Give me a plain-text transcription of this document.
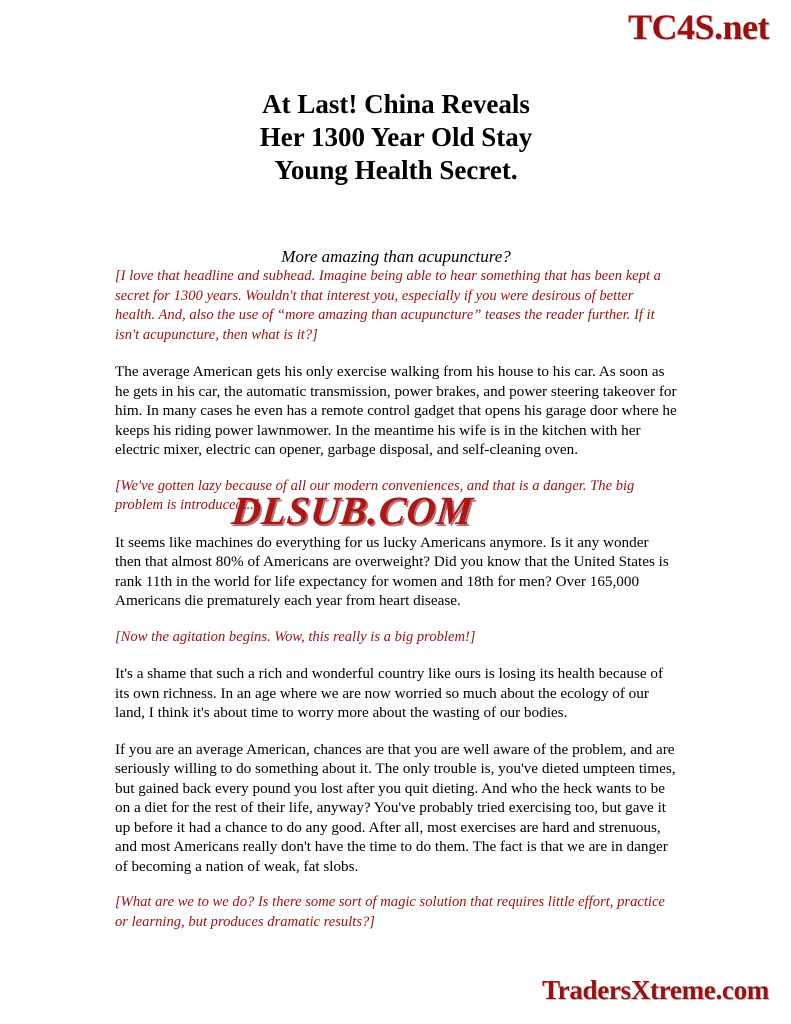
TC4S.net
At Last! China Reveals
Her 1300 Year Old Stay
Young Health Secret.

More amazing than acupuncture?

[I love that headline and subhead. Imagine being able to hear something that has been kept a secret for 1300 years. Wouldn't that interest you, especially if you were desirous of better health. And, also the use of “more amazing than acupuncture” teases the reader further. If it isn't acupuncture, then what is it?]

The average American gets his only exercise walking from his house to his car. As soon as he gets in his car, the automatic transmission, power brakes, and power steering takeover for him. In many cases he even has a remote control gadget that opens his garage door where he keeps his riding power lawnmower. In the meantime his wife is in the kitchen with her electric mixer, electric can opener, garbage disposal, and self-cleaning oven.

[We've gotten lazy because of all our modern conveniences, and that is a danger. The big problem is introduced...]

It seems like machines do everything for us lucky Americans anymore. Is it any wonder then that almost 80% of Americans are overweight? Did you know that the United States is rank 11th in the world for life expectancy for women and 18th for men? Over 165,000 Americans die prematurely each year from heart disease.

[Now the agitation begins. Wow, this really is a big problem!]

It's a shame that such a rich and wonderful country like ours is losing its health because of its own richness. In an age where we are now worried so much about the ecology of our land, I think it's about time to worry more about the wasting of our bodies.

If you are an average American, chances are that you are well aware of the problem, and are seriously willing to do something about it. The only trouble is, you've dieted umpteen times, but gained back every pound you lost after you quit dieting. And who the heck wants to be on a diet for the rest of their life, anyway? You've probably tried exercising too, but gave it up before it had a chance to do any good. After all, most exercises are hard and strenuous, and most Americans really don't have the time to do them. The fact is that we are in danger of becoming a nation of weak, fat slobs.

[What are we to we do? Is there some sort of magic solution that requires little effort, practice or learning, but produces dramatic results?]

DLSUB.COM
TradersXtreme.com
